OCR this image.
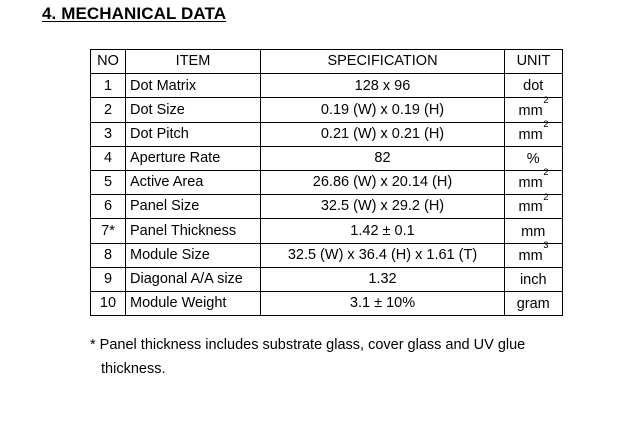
4. MECHANICAL DATA
NO	ITEM	SPECIFICATION	UNIT
1	Dot Matrix	128 x 96	dot
2	Dot Size	0.19 (W) x 0.19 (H)	$mm^2$
3	Dot Pitch	0.21 (W) x 0.21 (H)	$mm^2$
4	Aperture Rate	82	%
5	Active Area	26.86 (W) x 20.14 (H)	$mm^2$
6	Panel Size	32.5 (W) x 29.2 (H)	$mm^2$
7*	Panel Thickness	1.42 ± 0.1	mm
8	Module Size	32.5 (W) x 36.4 (H) x 1.61 (T)	$mm^3$
9	Diagonal A/A size	1.32	inch
10	Module Weight	3.1 ± 10%	gram
* Panel thickness includes substrate glass, cover glass and UV glue
thickness.
